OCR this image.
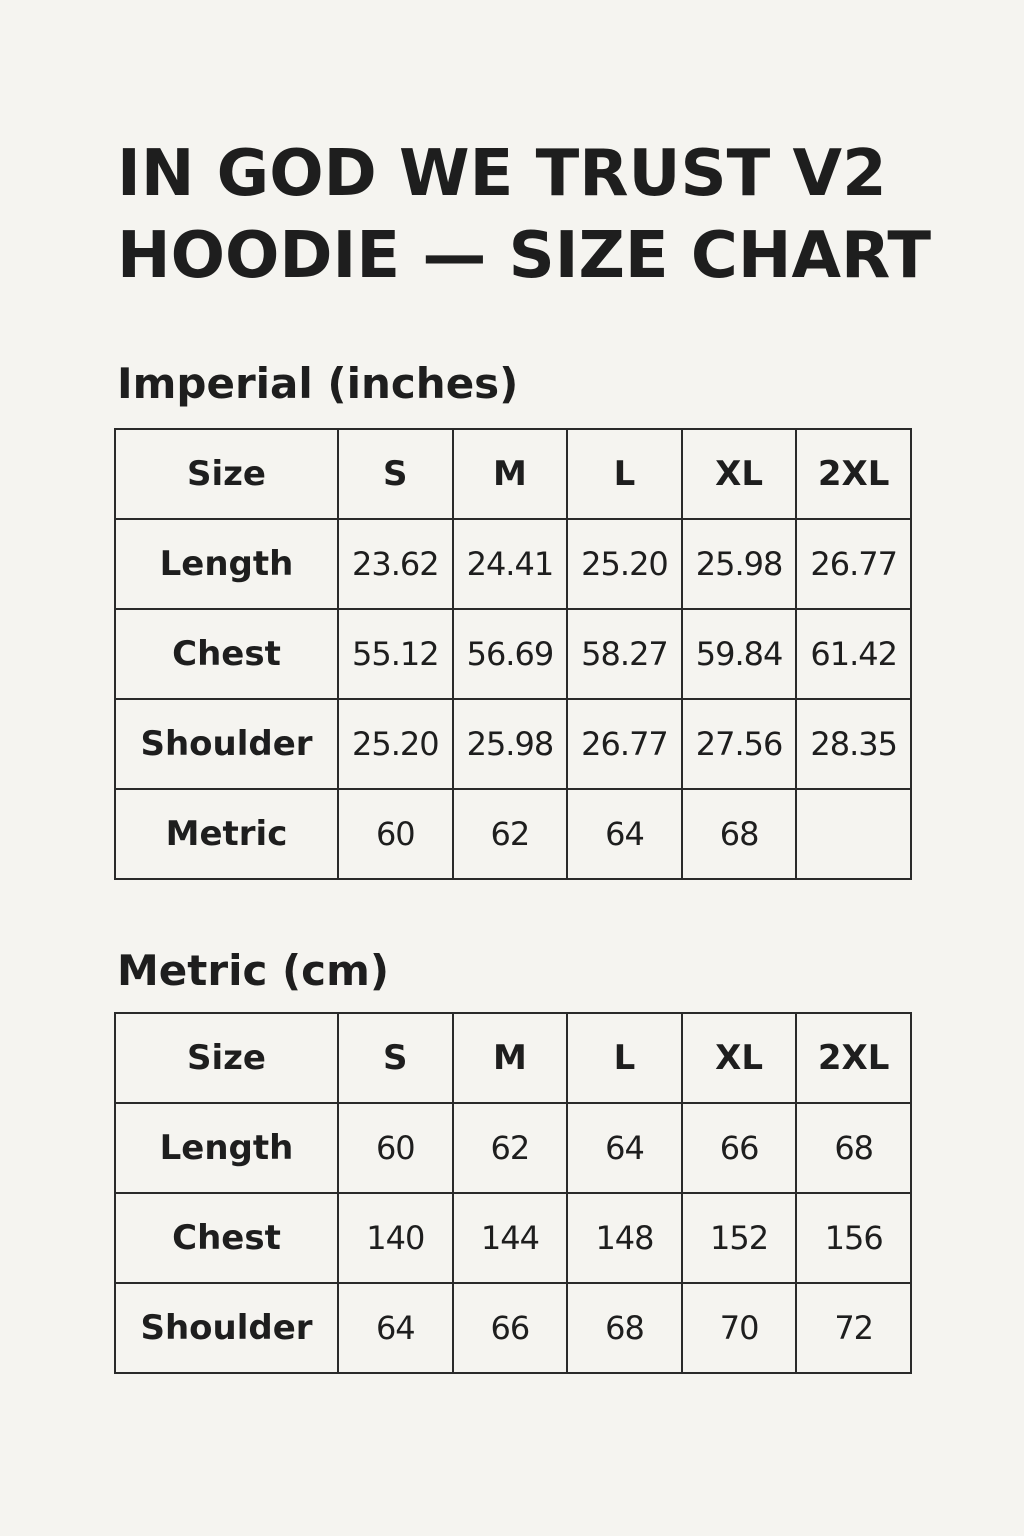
IN GOD WE TRUST V2
HOODIE — SIZE CHART
Imperial (inches)
Size	S	M	L	XL	2XL
Length	23.62	24.41	25.20	25.98	26.77
Chest	55.12	56.69	58.27	59.84	61.42
Shoulder	25.20	25.98	26.77	27.56	28.35
Metric	60	62	64	68	
Metric (cm)
Size	S	M	L	XL	2XL
Length	60	62	64	66	68
Chest	140	144	148	152	156
Shoulder	64	66	68	70	72
